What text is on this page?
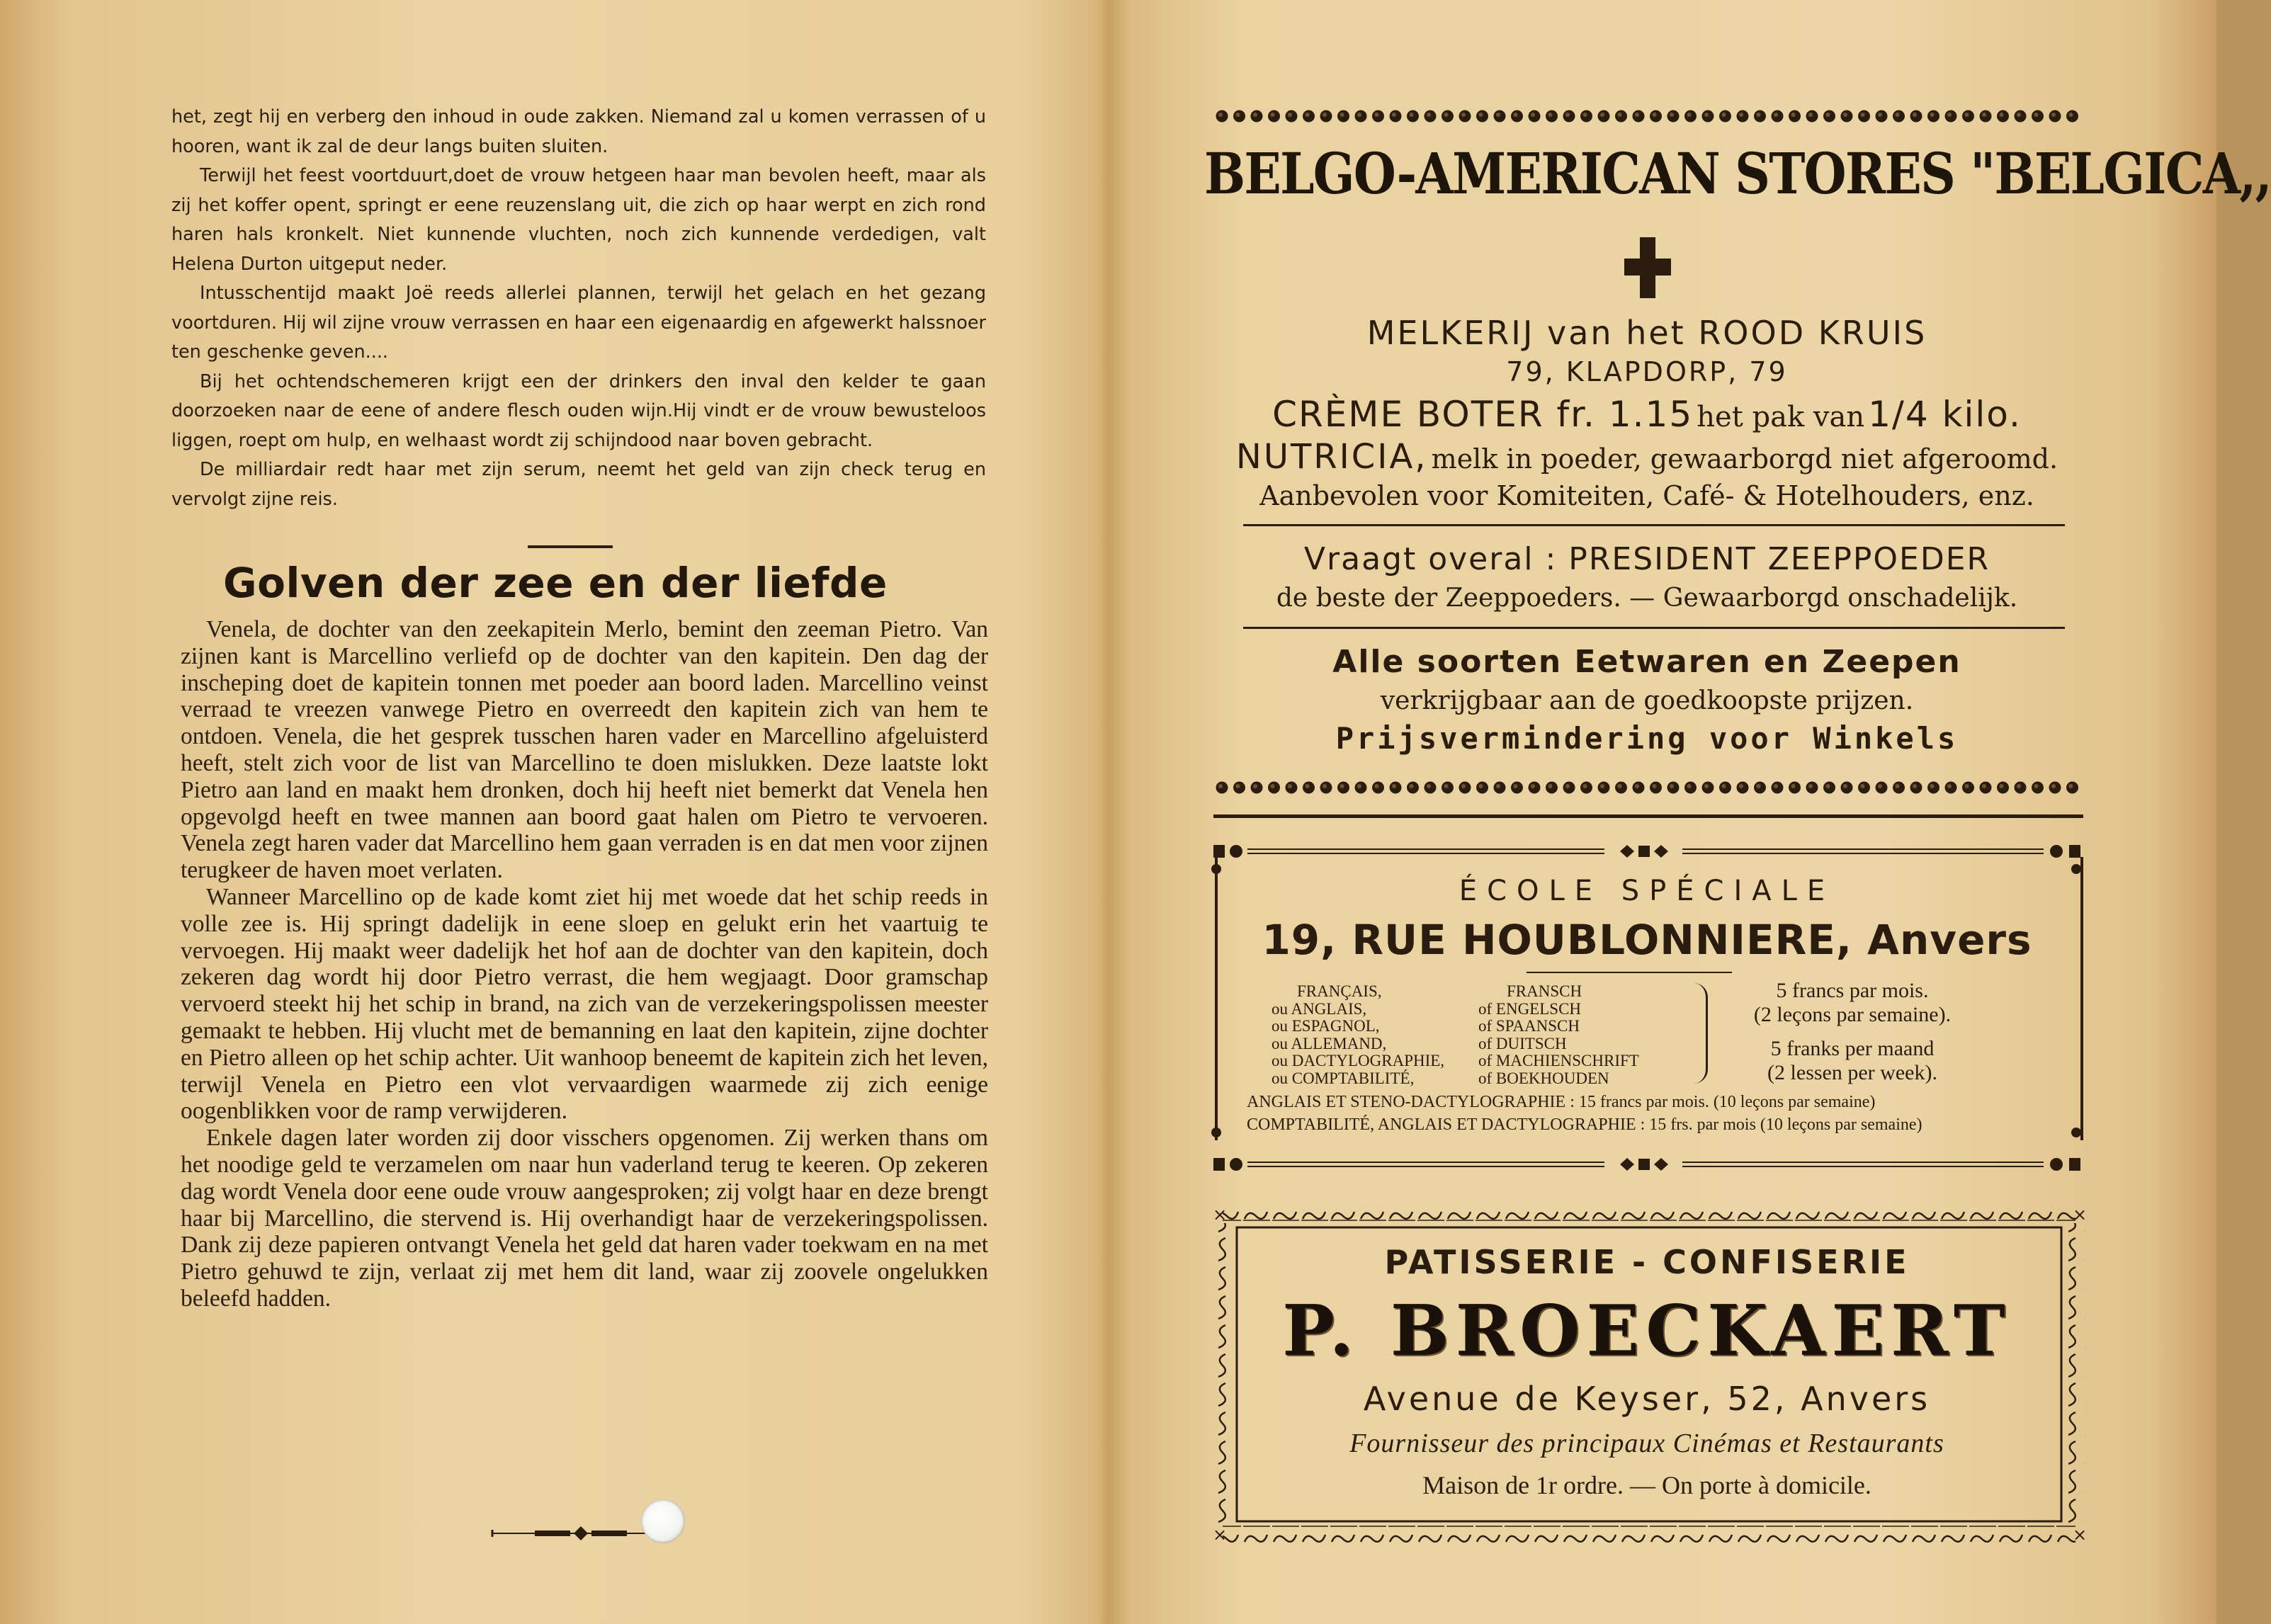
het, zegt hij en verberg den inhoud in oude zakken. Niemand zal u komen verrassen of u hooren, want ik zal de deur langs buiten sluiten.

Terwijl het feest voortduurt,doet de vrouw hetgeen haar man bevolen heeft, maar als zij het koffer opent, springt er eene reuzenslang uit, die zich op haar werpt en zich rond haren hals kronkelt. Niet kunnende vluchten, noch zich kunnende verdedigen, valt Helena Durton uitgeput neder.

Intusschentijd maakt Joë reeds allerlei plannen, terwijl het gelach en het gezang voortduren. Hij wil zijne vrouw verrassen en haar een eigenaardig en afgewerkt halssnoer ten geschenke geven....

Bij het ochtendschemeren krijgt een der drinkers den inval den kelder te gaan doorzoeken naar de eene of andere flesch ouden wijn.Hij vindt er de vrouw bewusteloos liggen, roept om hulp, en welhaast wordt zij schijndood naar boven gebracht.

De milliardair redt haar met zijn serum, neemt het geld van zijn check terug en vervolgt zijne reis.

Golven der zee en der liefde

Venela, de dochter van den zeekapitein Merlo, bemint den zeeman Pietro. Van zijnen kant is Marcellino verliefd op de dochter van den kapitein. Den dag der inscheping doet de kapitein tonnen met poeder aan boord laden. Marcellino veinst verraad te vreezen vanwege Pietro en overreedt den kapitein zich van hem te ontdoen. Venela, die het gesprek tusschen haren vader en Marcellino afgeluisterd heeft, stelt zich voor de list van Marcellino te doen mislukken. Deze laatste lokt Pietro aan land en maakt hem dronken, doch hij heeft niet bemerkt dat Venela hen opgevolgd heeft en twee mannen aan boord gaat halen om Pietro te vervoeren. Venela zegt haren vader dat Marcellino hem gaan verraden is en dat men voor zijnen terugkeer de haven moet verlaten.

Wanneer Marcellino op de kade komt ziet hij met woede dat het schip reeds in volle zee is. Hij springt dadelijk in eene sloep en gelukt erin het vaartuig te vervoegen. Hij maakt weer dadelijk het hof aan de dochter van den kapitein, doch zekeren dag wordt hij door Pietro verrast, die hem wegjaagt. Door gramschap vervoerd steekt hij het schip in brand, na zich van de verzekeringspolissen meester gemaakt te hebben. Hij vlucht met de bemanning en laat den kapitein, zijne dochter en Pietro alleen op het schip achter. Uit wanhoop beneemt de kapitein zich het leven, terwijl Venela en Pietro een vlot vervaardigen waarmede zij zich eenige oogenblikken voor de ramp verwijderen.

Enkele dagen later worden zij door visschers opgenomen. Zij werken thans om het noodige geld te verzamelen om naar hun vaderland terug te keeren. Op zekeren dag wordt Venela door eene oude vrouw aangesproken; zij volgt haar en deze brengt haar bij Marcellino, die stervend is. Hij overhandigt haar de verzekeringspolissen. Dank zij deze papieren ontvangt Venela het geld dat haren vader toekwam en na met Pietro gehuwd te zijn, verlaat zij met hem dit land, waar zij zoovele ongelukken beleefd hadden.

BELGO-AMERICAN STORES "BELGICA,,
MELKERIJ van het ROOD KRUIS
79, KLAPDORP, 79
CRÈME BOTER fr. 1.15 het pak van 1/4 kilo.
NUTRICIA, melk in poeder, gewaarborgd niet afgeroomd.
Aanbevolen voor Komiteiten, Café- & Hotelhouders, enz.
Vraagt overal : PRESIDENT ZEEPPOEDER
de beste der Zeeppoeders. — Gewaarborgd onschadelijk.
Alle soorten Eetwaren en Zeepen
verkrijgbaar aan de goedkoopste prijzen.
Prijsvermindering voor Winkels
ÉCOLE SPÉCIALE
19, RUE HOUBLONNIERE, Anvers
FRANÇAIS,
ou ANGLAIS,
ou ESPAGNOL,
ou ALLEMAND,
ou DACTYLOGRAPHIE,
ou COMPTABILITÉ,
FRANSCH
of ENGELSCH
of SPAANSCH
of DUITSCH
of MACHIENSCHRIFT
of BOEKHOUDEN
5 francs par mois.
(2 leçons par semaine).
5 franks per maand
(2 lessen per week).
ANGLAIS ET STENO-DACTYLOGRAPHIE : 15 francs par mois. (10 leçons par semaine)
COMPTABILITÉ, ANGLAIS ET DACTYLOGRAPHIE : 15 frs. par mois (10 leçons par semaine)
×	×
×	×
PATISSERIE - CONFISERIE
P. BROECKAERT
Avenue de Keyser, 52, Anvers
Fournisseur des principaux Cinémas et Restaurants
Maison de 1r ordre. — On porte à domicile.
